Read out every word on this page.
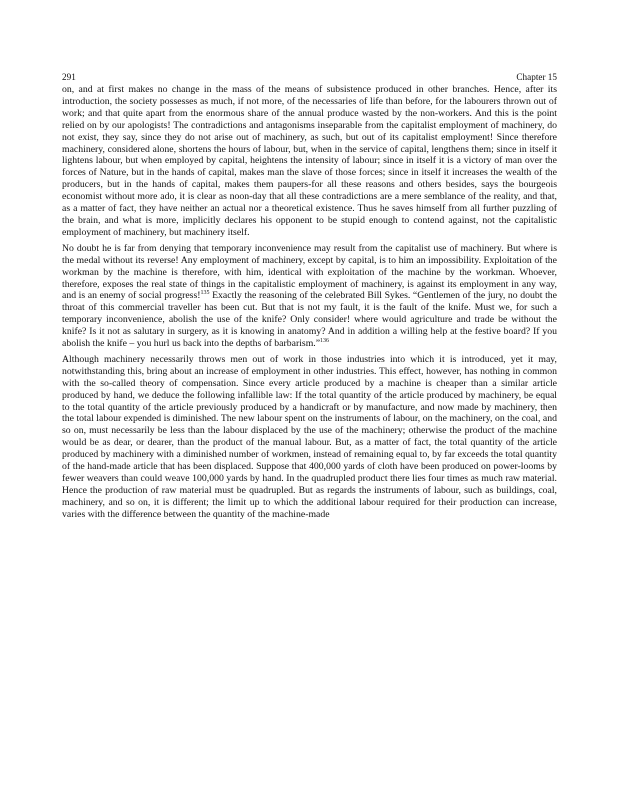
291	Chapter 15

on, and at first makes no change in the mass of the means of subsistence produced in other branches. Hence, after its introduction, the society possesses as much, if not more, of the necessaries of life than before, for the labourers thrown out of work; and that quite apart from the enormous share of the annual produce wasted by the non-workers. And this is the point relied on by our apologists! The contradictions and antagonisms inseparable from the capitalist employment of machinery, do not exist, they say, since they do not arise out of machinery, as such, but out of its capitalist employment! Since therefore machinery, considered alone, shortens the hours of labour, but, when in the service of capital, lengthens them; since in itself it lightens labour, but when employed by capital, heightens the intensity of labour; since in itself it is a victory of man over the forces of Nature, but in the hands of capital, makes man the slave of those forces; since in itself it increases the wealth of the producers, but in the hands of capital, makes them paupers-for all these reasons and others besides, says the bourgeois economist without more ado, it is clear as noon-day that all these contradictions are a mere semblance of the reality, and that, as a matter of fact, they have neither an actual nor a theoretical existence. Thus he saves himself from all further puzzling of the brain, and what is more, implicitly declares his opponent to be stupid enough to contend against, not the capitalistic employment of machinery, but machinery itself.

No doubt he is far from denying that temporary inconvenience may result from the capitalist use of machinery. But where is the medal without its reverse! Any employment of machinery, except by capital, is to him an impossibility. Exploitation of the workman by the machine is therefore, with him, identical with exploitation of the machine by the workman. Whoever, therefore, exposes the real state of things in the capitalistic employment of machinery, is against its employment in any way, and is an enemy of social progress!$^{135}$ Exactly the reasoning of the celebrated Bill Sykes. “Gentlemen of the jury, no doubt the throat of this commercial traveller has been cut. But that is not my fault, it is the fault of the knife. Must we, for such a temporary inconvenience, abolish the use of the knife? Only consider! where would agriculture and trade be without the knife? Is it not as salutary in surgery, as it is knowing in anatomy? And in addition a willing help at the festive board? If you abolish the knife – you hurl us back into the depths of barbarism.”$^{136}$

Although machinery necessarily throws men out of work in those industries into which it is introduced, yet it may, notwithstanding this, bring about an increase of employment in other industries. This effect, however, has nothing in common with the so-called theory of compensation. Since every article produced by a machine is cheaper than a similar article produced by hand, we deduce the following infallible law: If the total quantity of the article produced by machinery, be equal to the total quantity of the article previously produced by a handicraft or by manufacture, and now made by machinery, then the total labour expended is diminished. The new labour spent on the instruments of labour, on the machinery, on the coal, and so on, must necessarily be less than the labour displaced by the use of the machinery; otherwise the product of the machine would be as dear, or dearer, than the product of the manual labour. But, as a matter of fact, the total quantity of the article produced by machinery with a diminished number of workmen, instead of remaining equal to, by far exceeds the total quantity of the hand-made article that has been displaced. Suppose that 400,000 yards of cloth have been produced on power-looms by fewer weavers than could weave 100,000 yards by hand. In the quadrupled product there lies four times as much raw material. Hence the production of raw material must be quadrupled. But as regards the instruments of labour, such as buildings, coal, machinery, and so on, it is different; the limit up to which the additional labour required for their production can increase, varies with the difference between the quantity of the machine-made
